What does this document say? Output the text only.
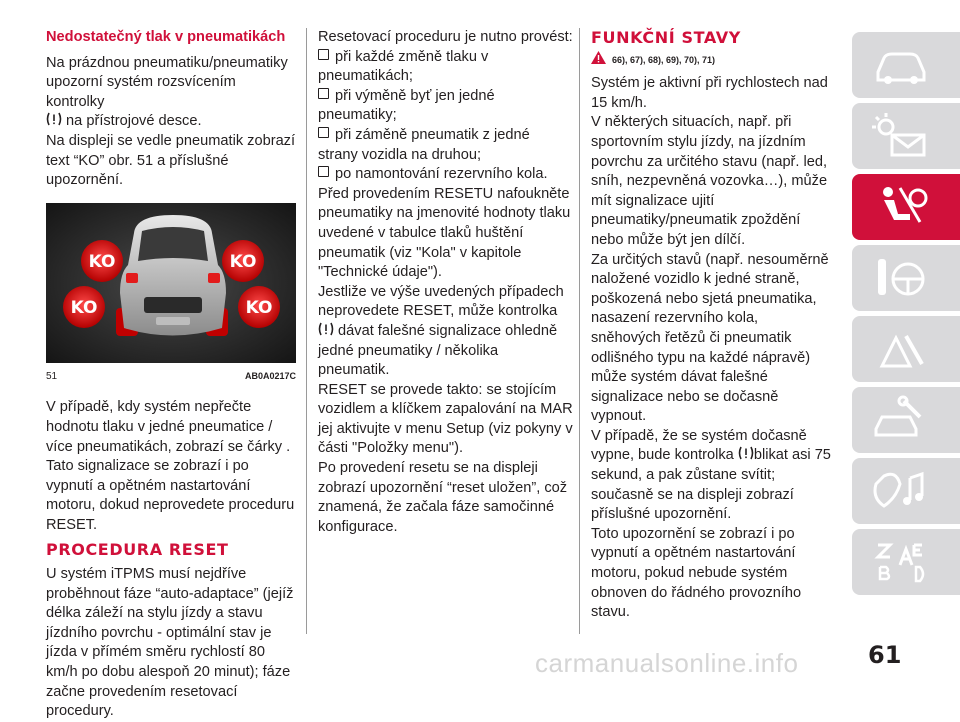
Nedostatečný tlak v pneumatikách

Na prázdnou pneumatiku/pneumatiky upozorní systém rozsvícením kontrolky
na přístrojové desce.

Na displeji se vedle pneumatik zobrazí text “KO” obr. 51 a příslušné upozornění.

KO	KO
KO	KO
51	AB0A0217C

V případě, kdy systém nepřečte hodnotu tlaku v jedné pneumatice / více pneumatikách, zobrazí se čárky .

Tato signalizace se zobrazí i po vypnutí a opětném nastartování motoru, dokud neprovedete proceduru RESET.

PROCEDURA RESET

U systém iTPMS musí nejdříve proběhnout fáze “auto-adaptace” (jejíž délka záleží na stylu jízdy a stavu jízdního povrchu - optimální stav je jízda v přímém směru rychlostí 80 km/h po dobu alespoň 20 minut); fáze začne provedením resetovací procedury.

Resetovací proceduru je nutno provést:

při každé změně tlaku v pneumatikách;

při výměně byť jen jedné pneumatiky;

při záměně pneumatik z jedné strany vozidla na druhou;

po namontování rezervního kola.

Před provedením RESETU nafoukněte pneumatiky na jmenovité hodnoty tlaku uvedené v tabulce tlaků huštění pneumatik (viz "Kola" v kapitole "Technické údaje").

Jestliže ve výše uvedených případech neprovedete RESET, může kontrolka
dávat falešné signalizace ohledně jedné pneumatiky / několika pneumatik.

RESET se provede takto: se stojícím vozidlem a klíčkem zapalování na MAR jej aktivujte v menu Setup (viz pokyny v části "Položky menu").

Po provedení resetu se na displeji zobrazí upozornění “reset uložen”, což znamená, že začala fáze samočinné konfigurace.

FUNKČNÍ STAVY

66), 67), 68), 69), 70), 71)

Systém je aktivní při rychlostech nad 15 km/h.

V některých situacích, např. při sportovním stylu jízdy, na jízdním povrchu za určitého stavu (např. led, sníh, nezpevněná vozovka…), může mít signalizace ujití pneumatiky/pneumatik zpoždění nebo může být jen dílčí.

Za určitých stavů (např. nesouměrně naložené vozidlo k jedné straně, poškozená nebo sjetá pneumatika, nasazení rezervního kola, sněhových řetězů či pneumatik odlišného typu na každé nápravě) může systém dávat falešné signalizace nebo se dočasně vypnout.

V případě, že se systém dočasně vypne, bude kontrolka blikat asi 75 sekund, a pak zůstane svítit; současně se na displeji zobrazí příslušné upozornění.

Toto upozornění se zobrazí i po vypnutí a opětném nastartování motoru, pokud nebude systém obnoven do řádného provozního stavu.

carmanualsonline.info	61
